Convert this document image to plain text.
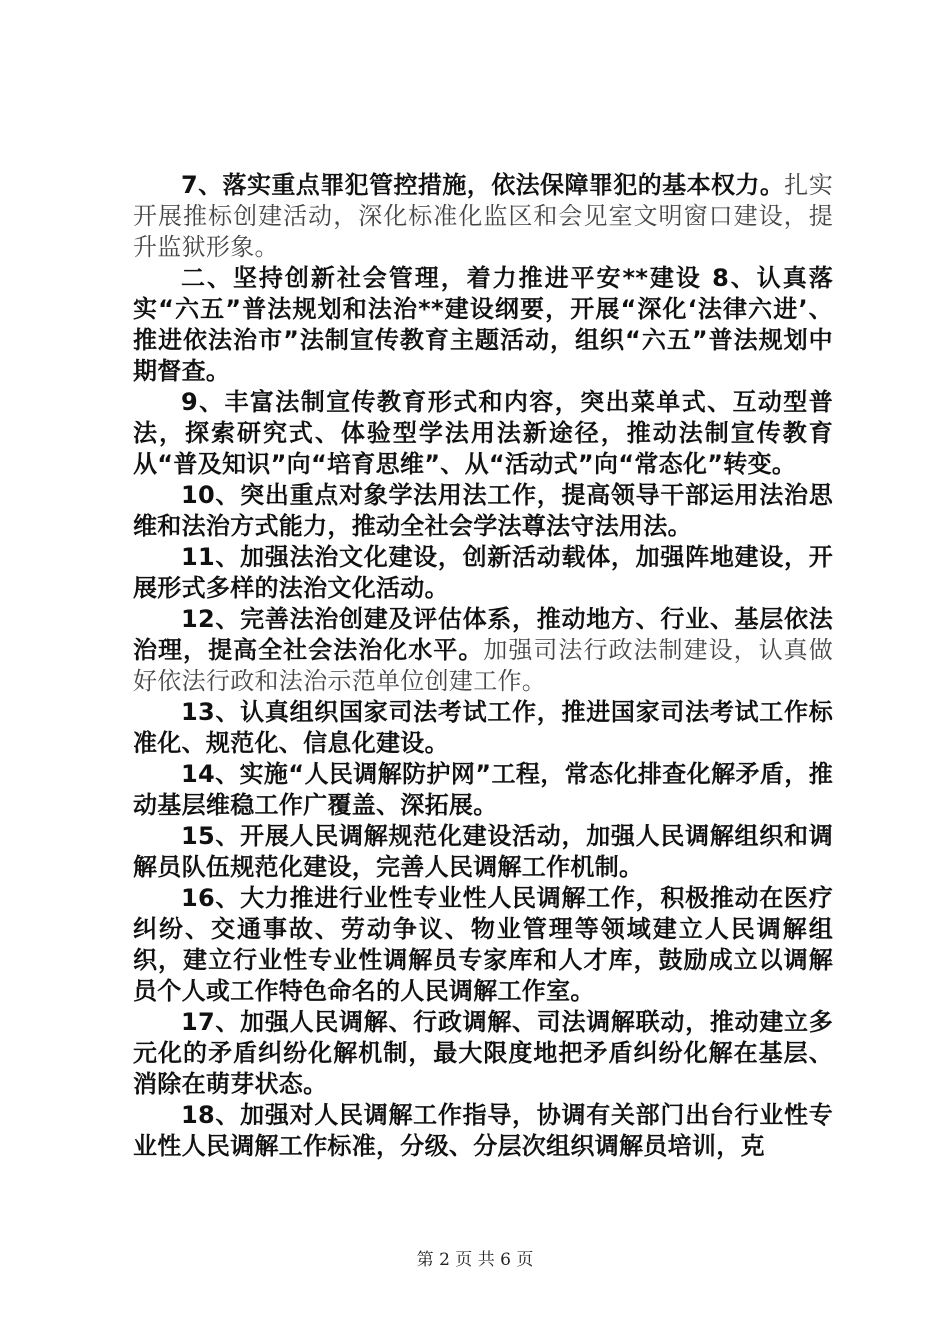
7、落实重点罪犯管控措施，依法保障罪犯的基本权力。扎实开展推标创建活动，深化标准化监区和会见室文明窗口建设，提升监狱形象。

二、坚持创新社会管理，着力推进平安**建设 8、认真落实“六五”普法规划和法治**建设纲要，开展“深化‘法律六进’、推进依法治市”法制宣传教育主题活动，组织“六五”普法规划中期督查。

9、丰富法制宣传教育形式和内容，突出菜单式、互动型普法，探索研究式、体验型学法用法新途径，推动法制宣传教育从“普及知识”向“培育思维”、从“活动式”向“常态化”转变。

10、突出重点对象学法用法工作，提高领导干部运用法治思维和法治方式能力，推动全社会学法尊法守法用法。

11、加强法治文化建设，创新活动载体，加强阵地建设，开展形式多样的法治文化活动。

12、完善法治创建及评估体系，推动地方、行业、基层依法治理，提高全社会法治化水平。加强司法行政法制建设，认真做好依法行政和法治示范单位创建工作。

13、认真组织国家司法考试工作，推进国家司法考试工作标准化、规范化、信息化建设。

14、实施“人民调解防护网”工程，常态化排查化解矛盾，推动基层维稳工作广覆盖、深拓展。

15、开展人民调解规范化建设活动，加强人民调解组织和调解员队伍规范化建设，完善人民调解工作机制。

16、大力推进行业性专业性人民调解工作，积极推动在医疗纠纷、交通事故、劳动争议、物业管理等领域建立人民调解组织，建立行业性专业性调解员专家库和人才库，鼓励成立以调解员个人或工作特色命名的人民调解工作室。

17、加强人民调解、行政调解、司法调解联动，推动建立多元化的矛盾纠纷化解机制，最大限度地把矛盾纠纷化解在基层、消除在萌芽状态。

18、加强对人民调解工作指导，协调有关部门出台行业性专业性人民调解工作标准，分级、分层次组织调解员培训，克

第 2 页 共 6 页
